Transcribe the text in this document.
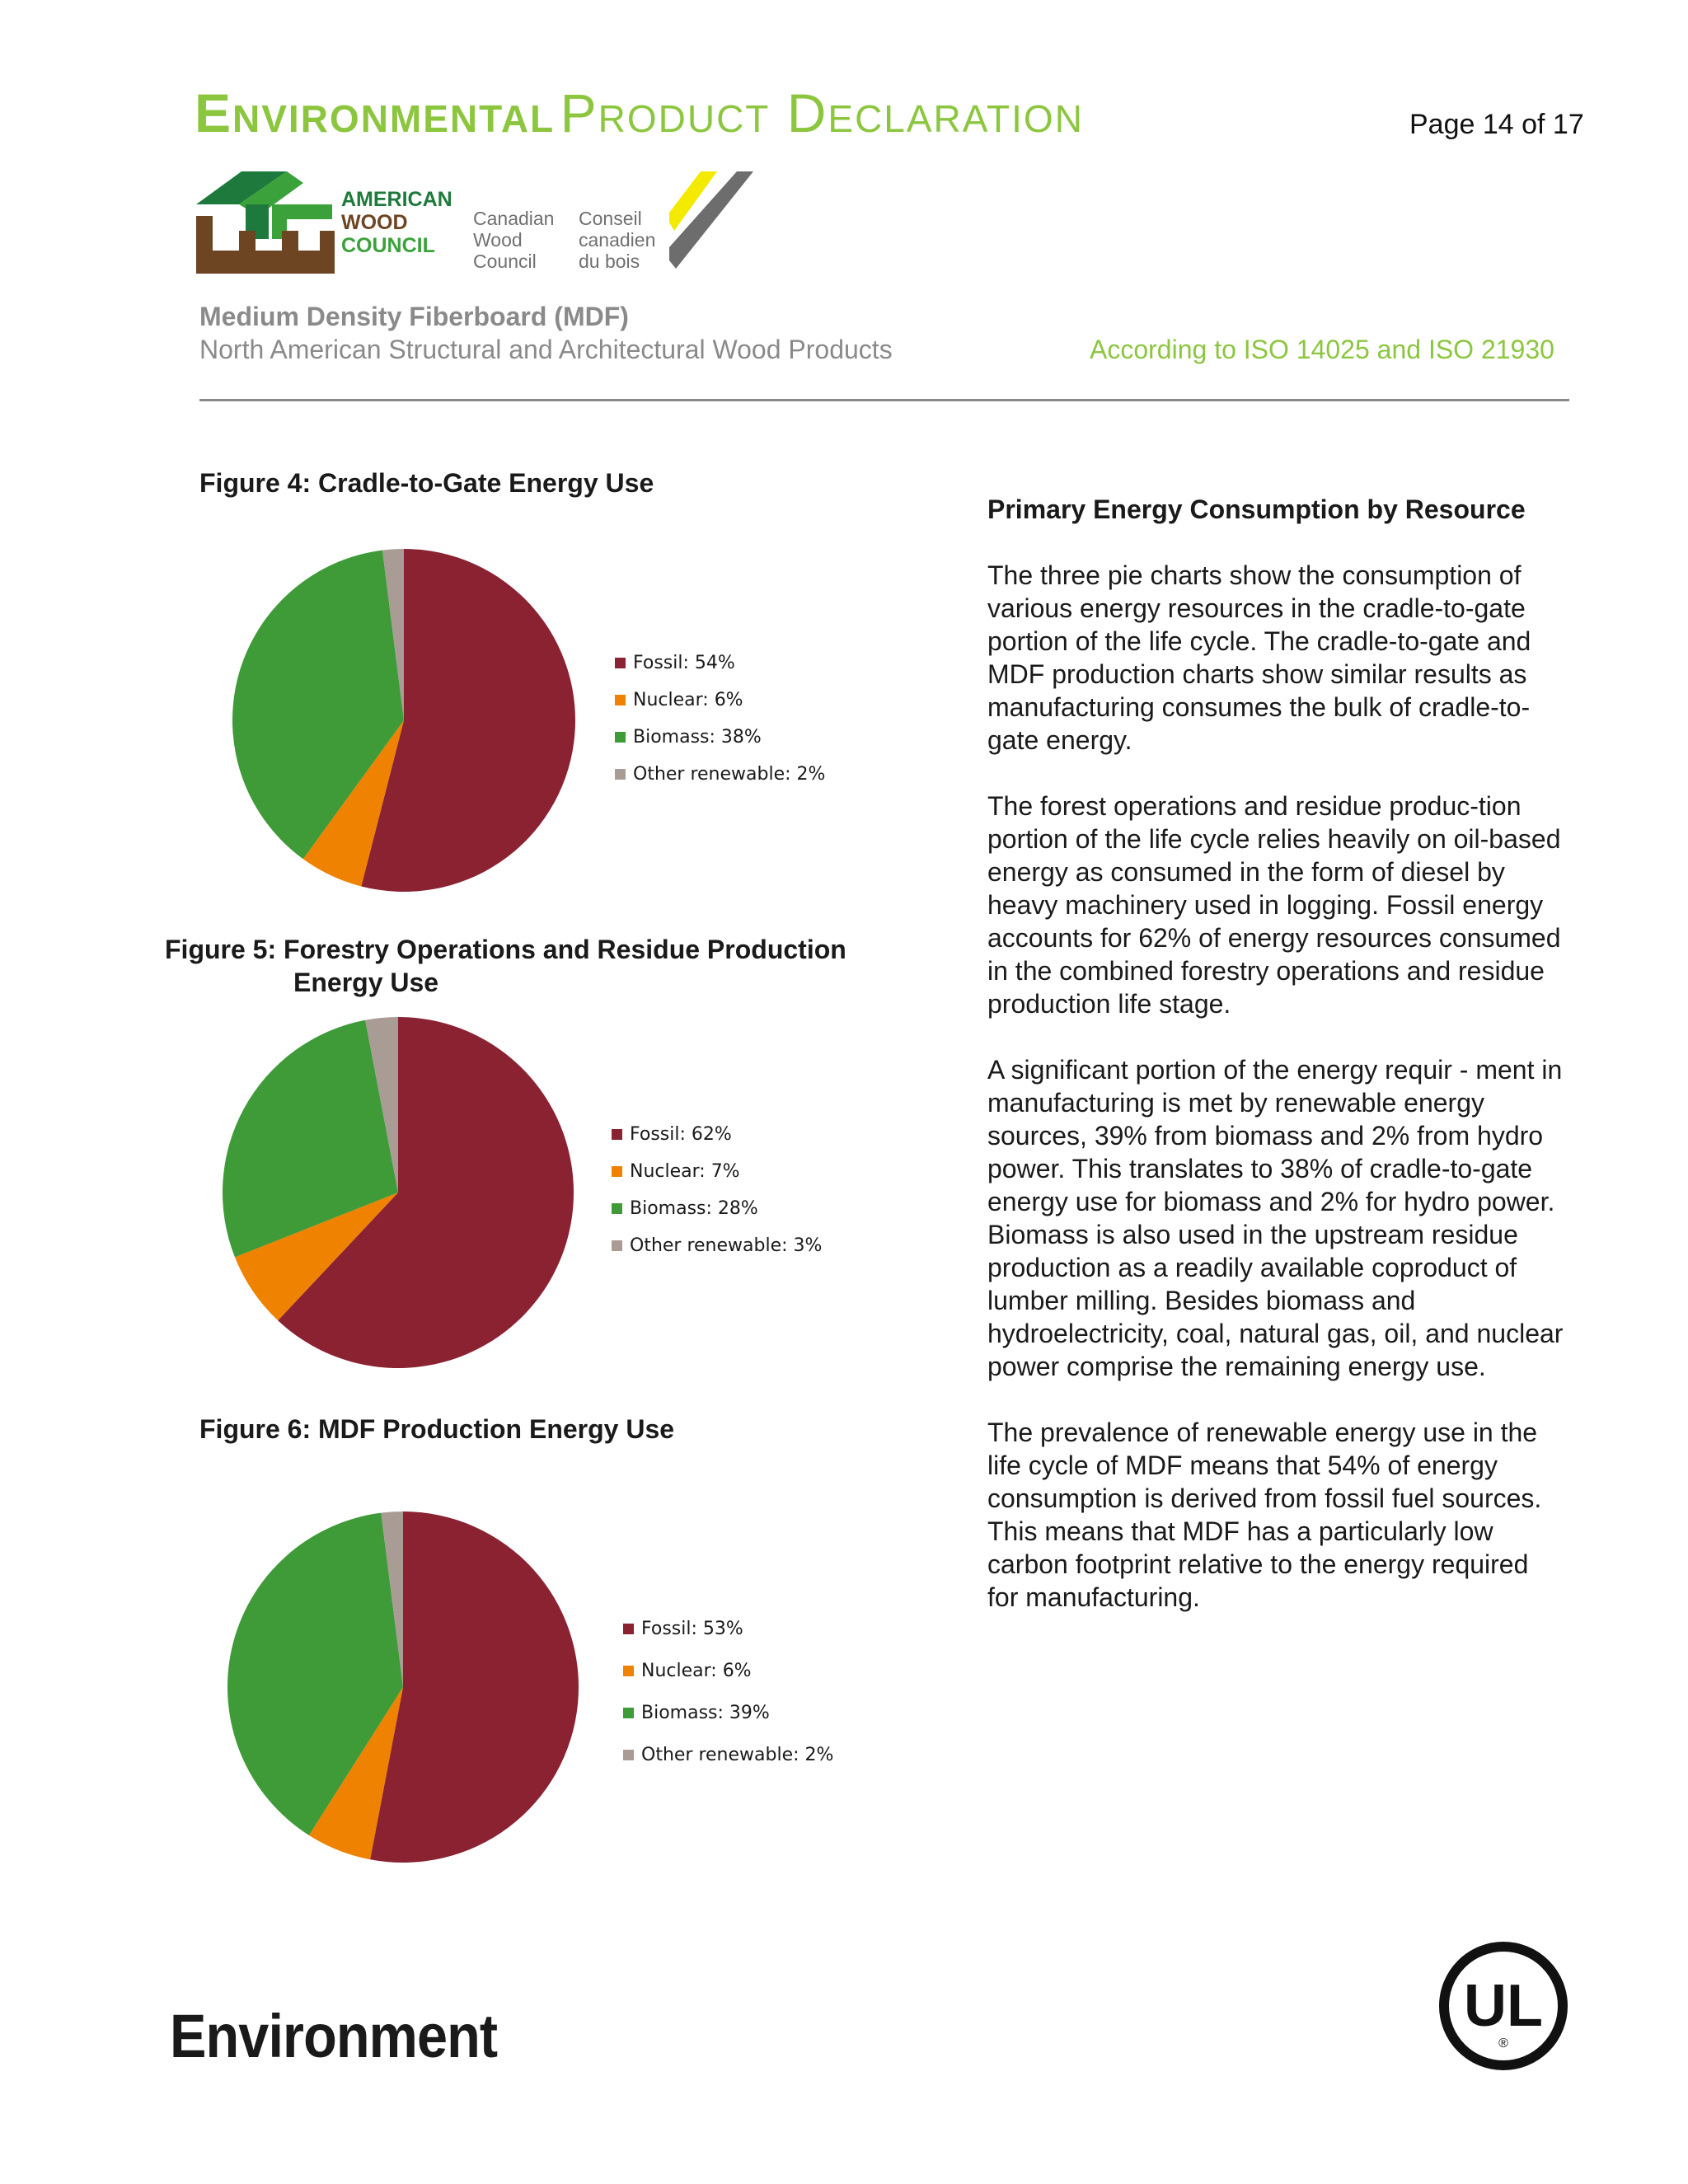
Environmental Product Declaration	Page 14 of 17
AMERICAN
WOOD
COUNCIL
Canadian
Wood
Council
Conseil
canadien
du bois
Medium Density Fiberboard (MDF)
North American Structural and Architectural Wood Products	According to ISO 14025 and ISO 21930
Figure 4: Cradle-to-Gate Energy Use
Fossil: 54%
Nuclear: 6%
Biomass: 38%
Other renewable: 2%
Figure 5: Forestry Operations and Residue Production
Energy Use
Fossil: 62%
Nuclear: 7%
Biomass: 28%
Other renewable: 3%
Figure 6: MDF Production Energy Use
Fossil: 53%
Nuclear: 6%
Biomass: 39%
Other renewable: 2%
Primary Energy Consumption by Resource

The three pie charts show the consumption of various energy resources in the cradle-to-gate portion of the life cycle. The cradle-to-gate and MDF production charts show similar results as manufacturing consumes the bulk of cradle-to-gate energy.

The forest operations and residue produc-tion portion of the life cycle relies heavily on oil-based energy as consumed in the form of diesel by heavy machinery used in logging. Fossil energy accounts for 62% of energy resources consumed in the combined forestry operations and residue production life stage.

A significant portion of the energy requir - ment in manufacturing is met by renewable energy sources, 39% from biomass and 2% from hydro power. This translates to 38% of cradle-to-gate energy use for biomass and 2% for hydro power. Biomass is also used in the upstream residue production as a readily available coproduct of lumber milling. Besides biomass and hydroelectricity, coal, natural gas, oil, and nuclear power comprise the remaining energy use.

The prevalence of renewable energy use in the life cycle of MDF means that 54% of energy consumption is derived from fossil fuel sources. This means that MDF has a particularly low carbon footprint relative to the energy required for manufacturing.

Environment	UL
®
